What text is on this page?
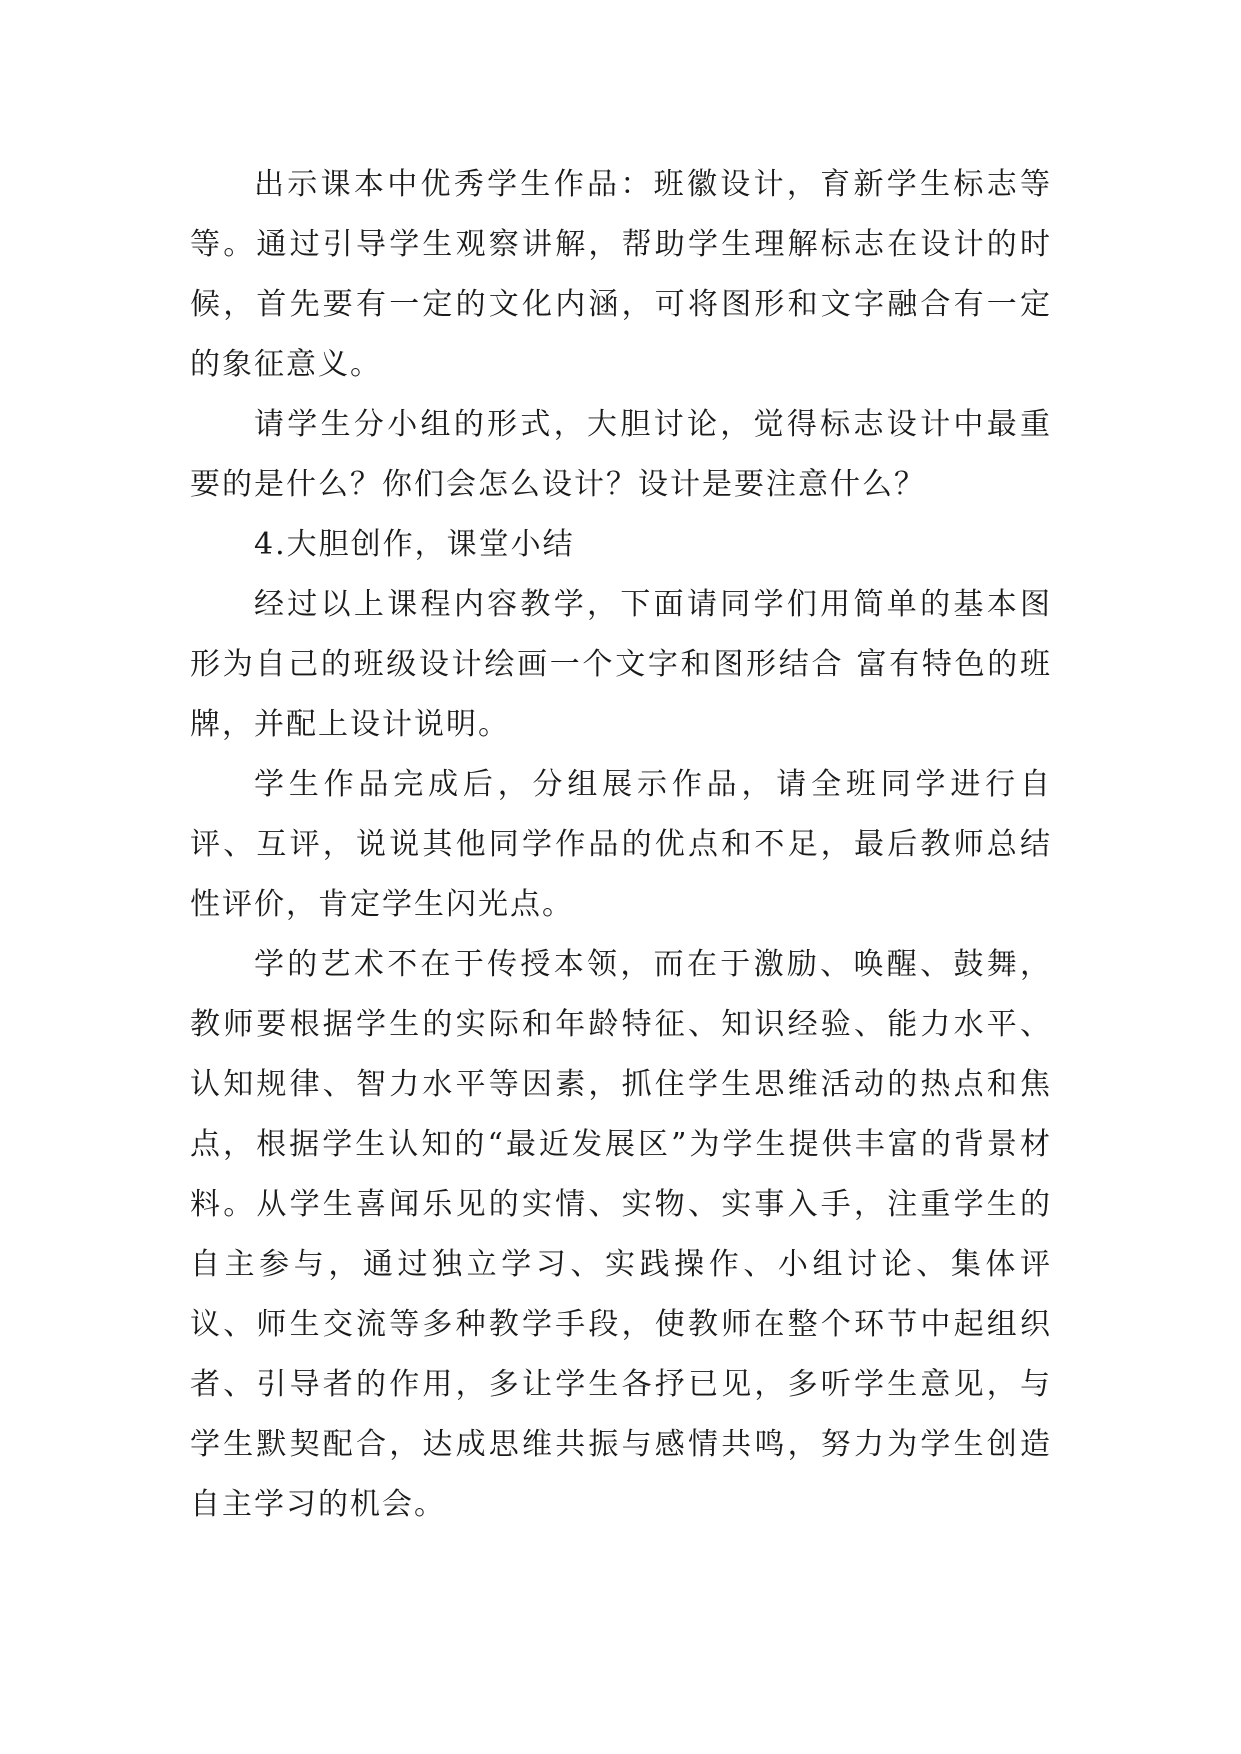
出示课本中优秀学生作品：班徽设计，育新学生标志等等。通过引导学生观察讲解，帮助学生理解标志在设计的时候，首先要有一定的文化内涵，可将图形和文字融合有一定的象征意义。

请学生分小组的形式，大胆讨论，觉得标志设计中最重要的是什么？你们会怎么设计？设计是要注意什么？

4.大胆创作，课堂小结

经过以上课程内容教学，下面请同学们用简单的基本图形为自己的班级设计绘画一个文字和图形结合 富有特色的班牌，并配上设计说明。

学生作品完成后，分组展示作品，请全班同学进行自评、互评，说说其他同学作品的优点和不足，最后教师总结性评价，肯定学生闪光点。

学的艺术不在于传授本领，而在于激励、唤醒、鼓舞，教师要根据学生的实际和年龄特征、知识经验、能力水平、认知规律、智力水平等因素，抓住学生思维活动的热点和焦点，根据学生认知的“最近发展区”为学生提供丰富的背景材料。从学生喜闻乐见的实情、实物、实事入手，注重学生的自主参与，通过独立学习、实践操作、小组讨论、集体评议、师生交流等多种教学手段，使教师在整个环节中起组织者、引导者的作用，多让学生各抒已见，多听学生意见，与学生默契配合，达成思维共振与感情共鸣，努力为学生创造自主学习的机会。
